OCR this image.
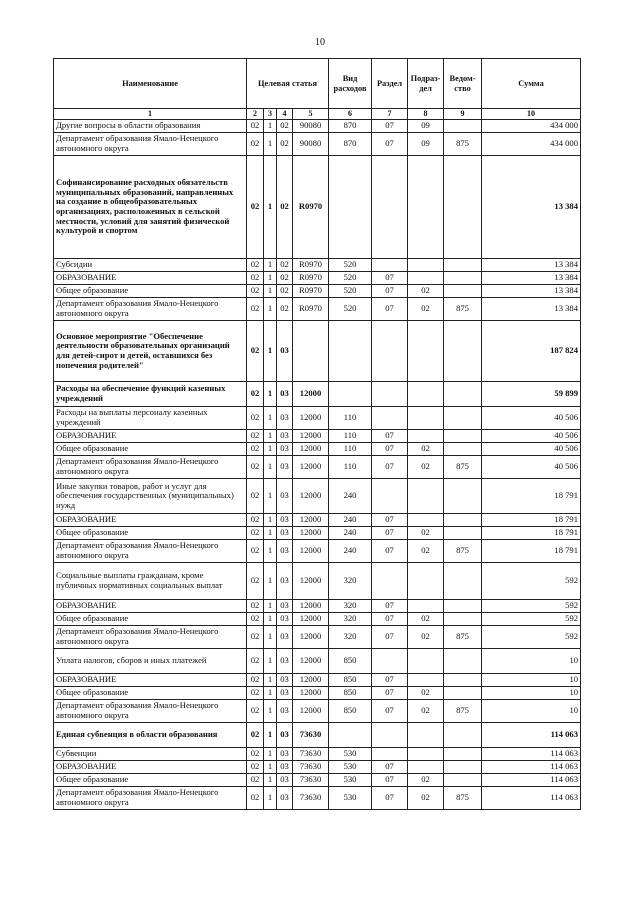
10
Наименование	Целевая статья				Вид расходов	Раздел	Подраз-дел	Ведом-ство	Сумма
1	2	3	4	5	6	7	8	9	10
Другие вопросы в области образования	02	1	02	90080	870	07	09		434 000
Департамент образования Ямало-Ненецкого автономного округа	02	1	02	90080	870	07	09	875	434 000
Софинансирование расходных обязательств муниципальных образований, направленных на создание в общеобразовательных организациях, расположенных в сельской местности, условий для занятий физической культурой и спортом	02	1	02	R0970					13 384
Субсидии	02	1	02	R0970	520				13 384
ОБРАЗОВАНИЕ	02	1	02	R0970	520	07			13 384
Общее образование	02	1	02	R0970	520	07	02		13 384
Департамент образования Ямало-Ненецкого автономного округа	02	1	02	R0970	520	07	02	875	13 384
Основное мероприятие "Обеспечение деятельности образовательных организаций для детей-сирот и детей, оставшихся без попечения родителей"	02	1	03						187 824
Расходы на обеспечение функций казенных учреждений	02	1	03	12000					59 899
Расходы на выплаты персоналу казенных учреждений	02	1	03	12000	110				40 506
ОБРАЗОВАНИЕ	02	1	03	12000	110	07			40 506
Общее образование	02	1	03	12000	110	07	02		40 506
Департамент образования Ямало-Ненецкого автономного округа	02	1	03	12000	110	07	02	875	40 506
Иные закупки товаров, работ и услуг для обеспечения государственных (муниципальных) нужд	02	1	03	12000	240				18 791
ОБРАЗОВАНИЕ	02	1	03	12000	240	07			18 791
Общее образование	02	1	03	12000	240	07	02		18 791
Департамент образования Ямало-Ненецкого автономного округа	02	1	03	12000	240	07	02	875	18 791
Социальные выплаты гражданам, кроме публичных нормативных социальных выплат	02	1	03	12000	320				592
ОБРАЗОВАНИЕ	02	1	03	12000	320	07			592
Общее образование	02	1	03	12000	320	07	02		592
Департамент образования Ямало-Ненецкого автономного округа	02	1	03	12000	320	07	02	875	592
Уплата налогов, сборов и иных платежей	02	1	03	12000	850				10
ОБРАЗОВАНИЕ	02	1	03	12000	850	07			10
Общее образование	02	1	03	12000	850	07	02		10
Департамент образования Ямало-Ненецкого автономного округа	02	1	03	12000	850	07	02	875	10
Единая субвенция в области образования	02	1	03	73630					114 063
Субвенции	02	1	03	73630	530				114 063
ОБРАЗОВАНИЕ	02	1	03	73630	530	07			114 063
Общее образование	02	1	03	73630	530	07	02		114 063
Департамент образования Ямало-Ненецкого автономного округа	02	1	03	73630	530	07	02	875	114 063
